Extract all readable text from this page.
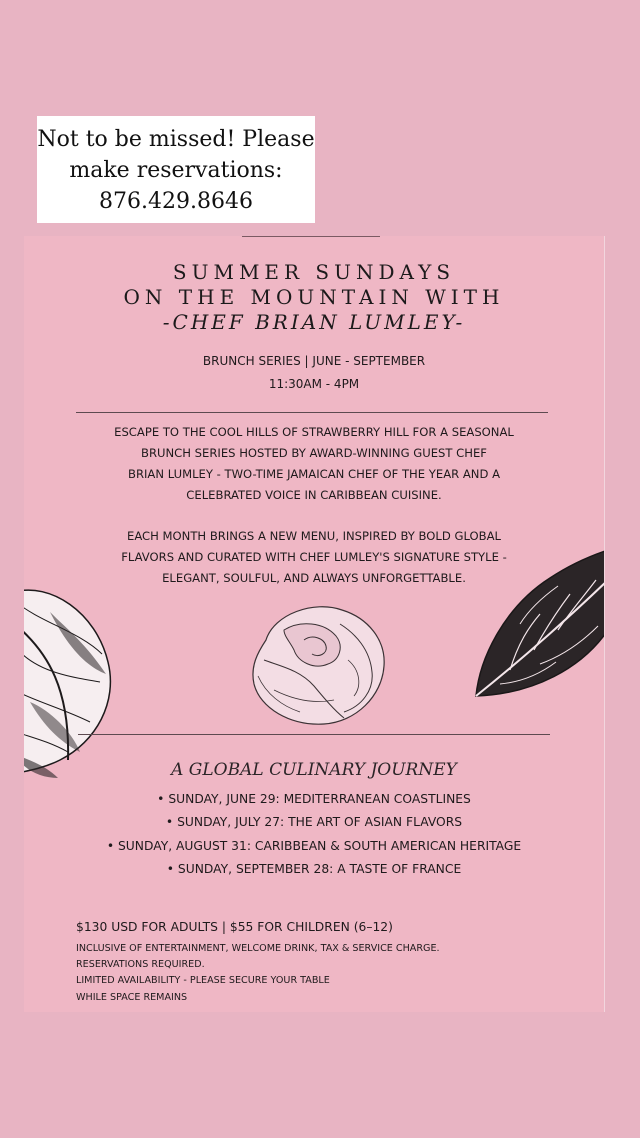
Not to be missed! Please
make reservations:
876.429.8646
SUMMER SUNDAYS
ON THE MOUNTAIN WITH
-CHEF BRIAN LUMLEY-
BRUNCH SERIES | JUNE - SEPTEMBER
11:30AM - 4PM
ESCAPE TO THE COOL HILLS OF STRAWBERRY HILL FOR A SEASONAL
BRUNCH SERIES HOSTED BY AWARD-WINNING GUEST CHEF
BRIAN LUMLEY - TWO-TIME JAMAICAN CHEF OF THE YEAR AND A
CELEBRATED VOICE IN CARIBBEAN CUISINE.
EACH MONTH BRINGS A NEW MENU, INSPIRED BY BOLD GLOBAL
FLAVORS AND CURATED WITH CHEF LUMLEY'S SIGNATURE STYLE -
ELEGANT, SOULFUL, AND ALWAYS UNFORGETTABLE.
A GLOBAL CULINARY JOURNEY
• SUNDAY, JUNE 29: MEDITERRANEAN COASTLINES
• SUNDAY, JULY 27: THE ART OF ASIAN FLAVORS
• SUNDAY, AUGUST 31: CARIBBEAN & SOUTH AMERICAN HERITAGE
• SUNDAY, SEPTEMBER 28: A TASTE OF FRANCE
$130 USD FOR ADULTS | $55 FOR CHILDREN (6–12)
INCLUSIVE OF ENTERTAINMENT, WELCOME DRINK, TAX & SERVICE CHARGE.
RESERVATIONS REQUIRED.
LIMITED AVAILABILITY - PLEASE SECURE YOUR TABLE
WHILE SPACE REMAINS
